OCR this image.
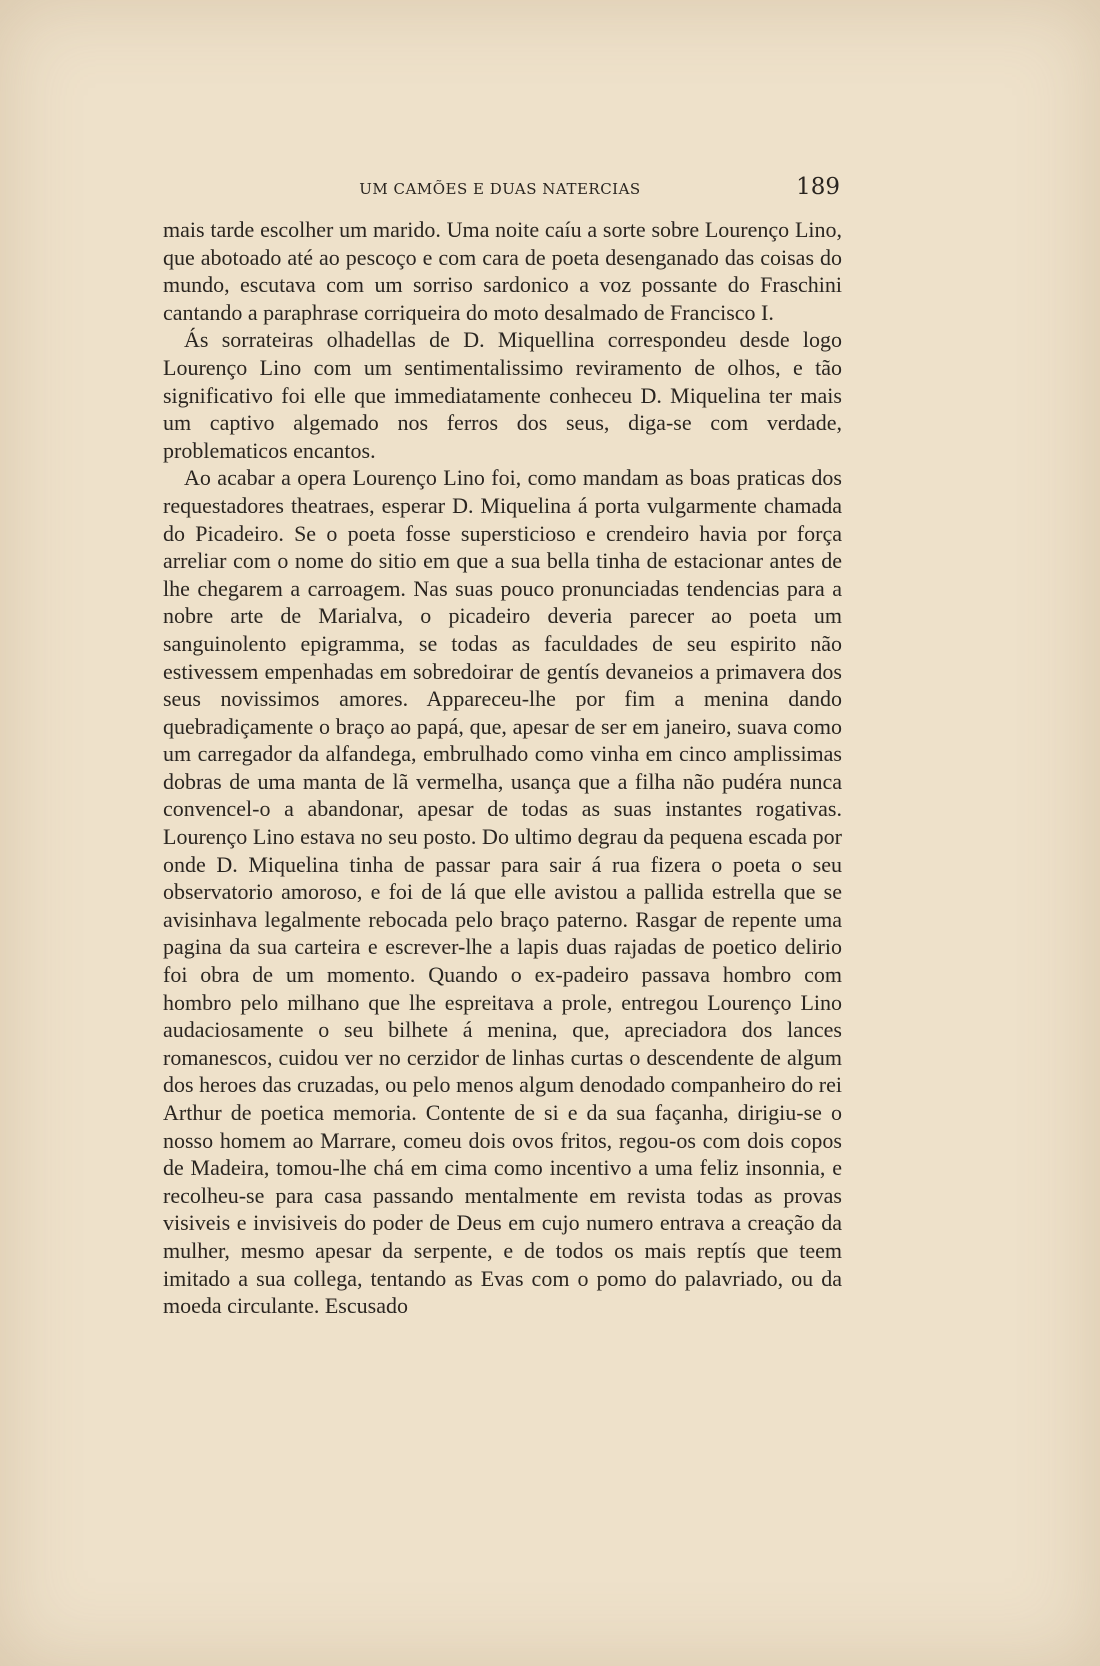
UM CAMÕES E DUAS NATERCIAS	189

mais tarde escolher um marido. Uma noite caíu a sorte sobre Lourenço Lino, que abotoado até ao pescoço e com cara de poeta desenganado das coisas do mundo, escutava com um sorriso sardonico a voz possante do Fraschini cantando a paraphrase corriqueira do moto desalmado de Francisco I.

Ás sorrateiras olhadellas de D. Miquellina correspondeu desde logo Lourenço Lino com um sentimentalissimo reviramento de olhos, e tão significativo foi elle que immediatamente conheceu D. Miquelina ter mais um captivo algemado nos ferros dos seus, diga-se com verdade, problematicos encantos.

Ao acabar a opera Lourenço Lino foi, como mandam as boas praticas dos requestadores theatraes, esperar D. Miquelina á porta vulgarmente chamada do Picadeiro. Se o poeta fosse supersticioso e crendeiro havia por força arreliar com o nome do sitio em que a sua bella tinha de estacionar antes de lhe chegarem a carroagem. Nas suas pouco pronunciadas tendencias para a nobre arte de Marialva, o picadeiro deveria parecer ao poeta um sanguinolento epigramma, se todas as faculdades de seu espirito não estivessem empenhadas em sobredoirar de gentís devaneios a primavera dos seus novissimos amores. Appareceu-lhe por fim a menina dando quebradiçamente o braço ao papá, que, apesar de ser em janeiro, suava como um carregador da alfandega, embrulhado como vinha em cinco amplissimas dobras de uma manta de lã vermelha, usança que a filha não pudéra nunca convencel-o a abandonar, apesar de todas as suas instantes rogativas. Lourenço Lino estava no seu posto. Do ultimo degrau da pequena escada por onde D. Miquelina tinha de passar para sair á rua fizera o poeta o seu observatorio amoroso, e foi de lá que elle avistou a pallida estrella que se avisinhava legalmente rebocada pelo braço paterno. Rasgar de repente uma pagina da sua carteira e escrever-lhe a lapis duas rajadas de poetico delirio foi obra de um momento. Quando o ex-padeiro passava hombro com hombro pelo milhano que lhe espreitava a prole, entregou Lourenço Lino audaciosamente o seu bilhete á menina, que, apreciadora dos lances romanescos, cuidou ver no cerzidor de linhas curtas o descendente de algum dos heroes das cruzadas, ou pelo menos algum denodado companheiro do rei Arthur de poetica memoria. Contente de si e da sua façanha, dirigiu-se o nosso homem ao Marrare, comeu dois ovos fritos, regou-os com dois copos de Madeira, tomou-lhe chá em cima como incentivo a uma feliz insonnia, e recolheu-se para casa passando mentalmente em revista todas as provas visiveis e invisiveis do poder de Deus em cujo numero entrava a creação da mulher, mesmo apesar da serpente, e de todos os mais reptís que teem imitado a sua collega, tentando as Evas com o pomo do palavriado, ou da moeda circulante. Escusado
